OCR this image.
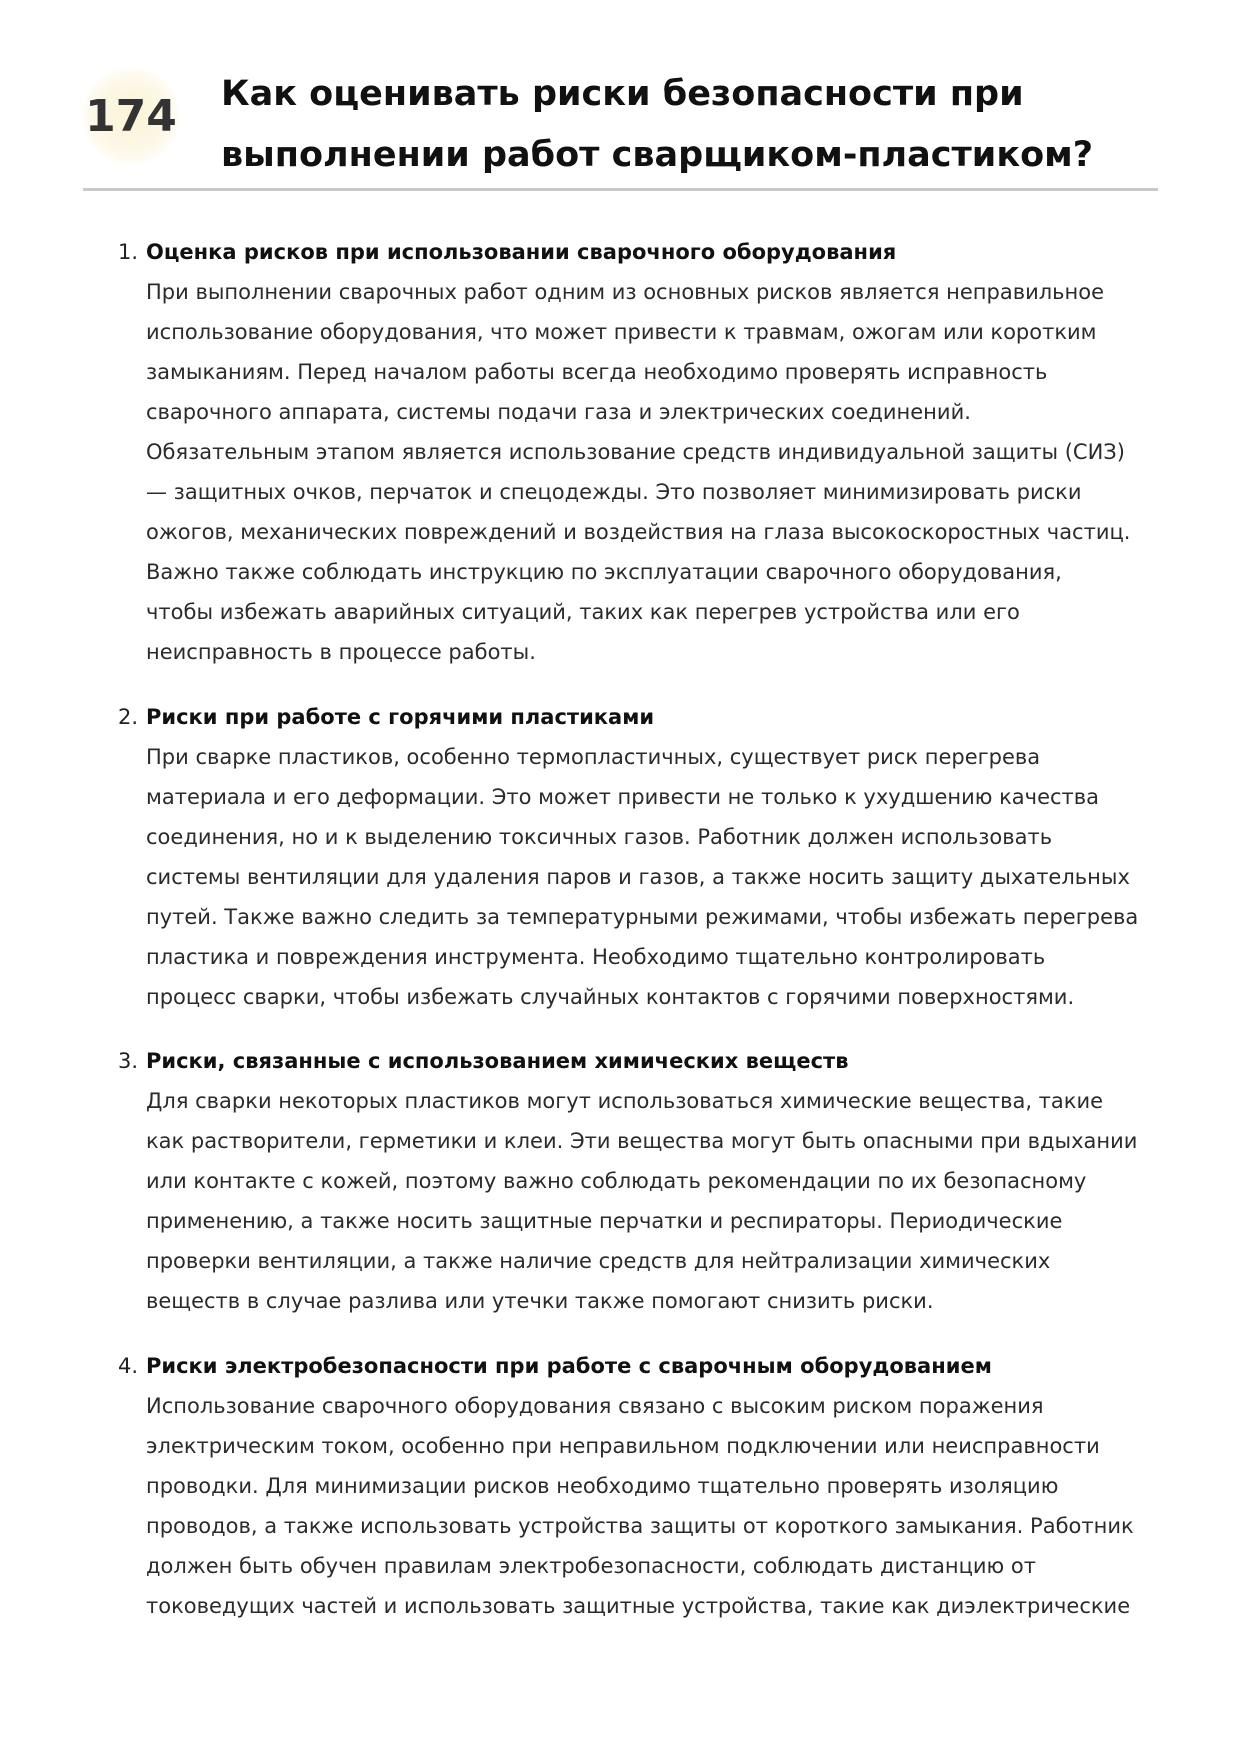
174 Как оценивать риски безопасности при выполнении работ сварщиком-пластиком?
1. Оценка рисков при использовании сварочного оборудования

При выполнении сварочных работ одним из основных рисков является неправильное
использование оборудования, что может привести к травмам, ожогам или коротким
замыканиям. Перед началом работы всегда необходимо проверять исправность
сварочного аппарата, системы подачи газа и электрических соединений.
Обязательным этапом является использование средств индивидуальной защиты (СИЗ)
— защитных очков, перчаток и спецодежды. Это позволяет минимизировать риски
ожогов, механических повреждений и воздействия на глаза высокоскоростных частиц.
Важно также соблюдать инструкцию по эксплуатации сварочного оборудования,
чтобы избежать аварийных ситуаций, таких как перегрев устройства или его
неисправность в процессе работы.

2. Риски при работе с горячими пластиками

При сварке пластиков, особенно термопластичных, существует риск перегрева
материала и его деформации. Это может привести не только к ухудшению качества
соединения, но и к выделению токсичных газов. Работник должен использовать
системы вентиляции для удаления паров и газов, а также носить защиту дыхательных
путей. Также важно следить за температурными режимами, чтобы избежать перегрева
пластика и повреждения инструмента. Необходимо тщательно контролировать
процесс сварки, чтобы избежать случайных контактов с горячими поверхностями.

3. Риски, связанные с использованием химических веществ

Для сварки некоторых пластиков могут использоваться химические вещества, такие
как растворители, герметики и клеи. Эти вещества могут быть опасными при вдыхании
или контакте с кожей, поэтому важно соблюдать рекомендации по их безопасному
применению, а также носить защитные перчатки и респираторы. Периодические
проверки вентиляции, а также наличие средств для нейтрализации химических
веществ в случае разлива или утечки также помогают снизить риски.

4. Риски электробезопасности при работе с сварочным оборудованием

Использование сварочного оборудования связано с высоким риском поражения
электрическим током, особенно при неправильном подключении или неисправности
проводки. Для минимизации рисков необходимо тщательно проверять изоляцию
проводов, а также использовать устройства защиты от короткого замыкания. Работник
должен быть обучен правилам электробезопасности, соблюдать дистанцию от
токоведущих частей и использовать защитные устройства, такие как диэлектрические
